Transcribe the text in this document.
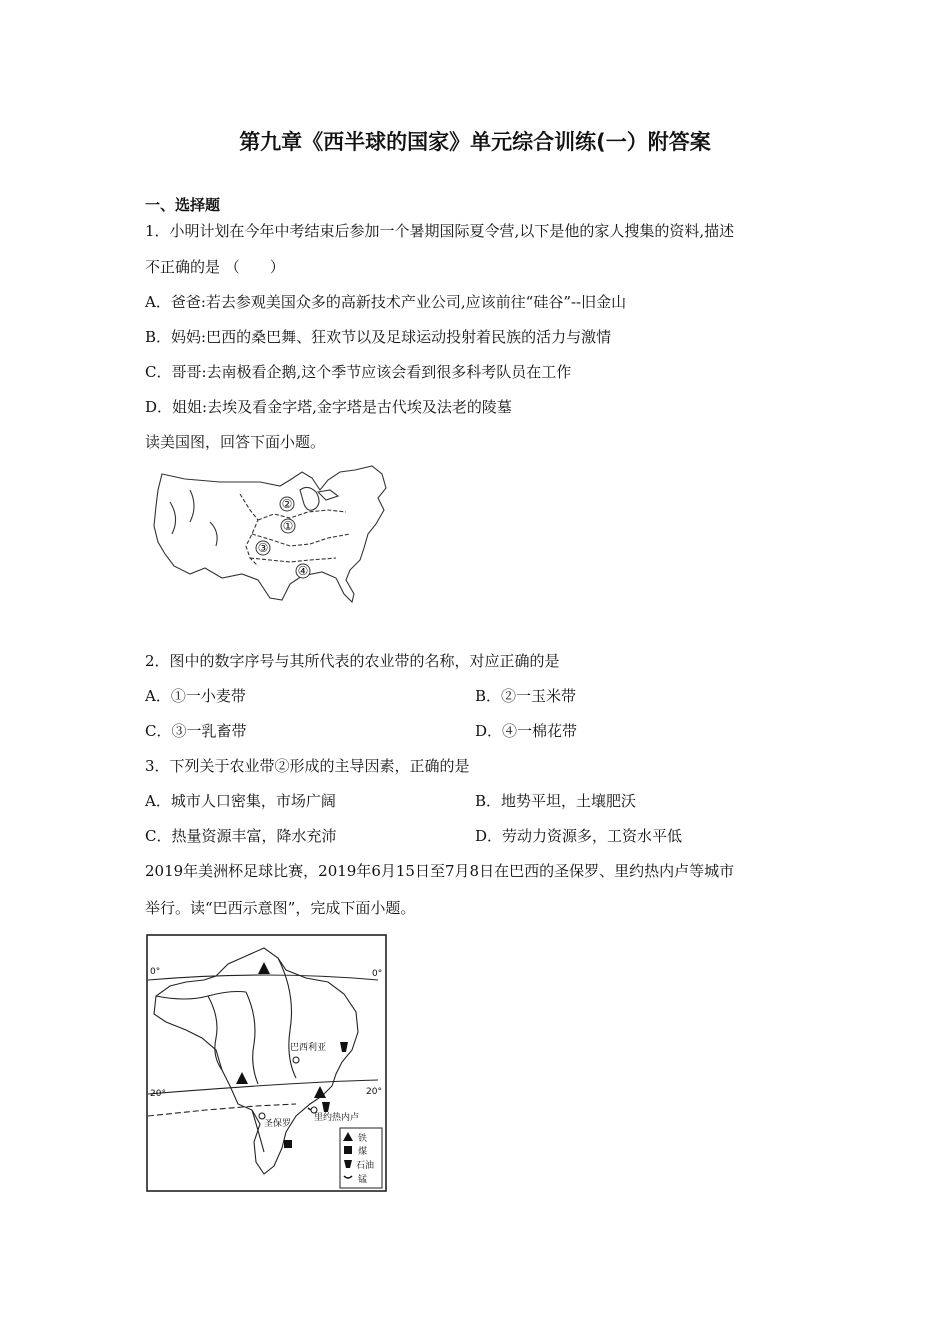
第九章《西半球的国家》单元综合训练(一）附答案
一、选择题
1．小明计划在今年中考结束后参加一个暑期国际夏令营,以下是他的家人搜集的资料,描述
不正确的是 （　　）
A．爸爸:若去参观美国众多的高新技术产业公司,应该前往“硅谷”--旧金山
B．妈妈:巴西的桑巴舞、狂欢节以及足球运动投射着民族的活力与激情
C．哥哥:去南极看企鹅,这个季节应该会看到很多科考队员在工作
D．姐姐:去埃及看金字塔,金字塔是古代埃及法老的陵墓
读美国图，回答下面小题。
②
①
③
④
2．图中的数字序号与其所代表的农业带的名称，对应正确的是
A．①一小麦带	B．②一玉米带
C．③一乳畜带	D．④一棉花带
3．下列关于农业带②形成的主导因素，正确的是
A．城市人口密集，市场广阔	B．地势平坦，土壤肥沃
C．热量资源丰富，降水充沛	D．劳动力资源多，工资水平低
2019年美洲杯足球比赛，2019年6月15日至7月8日在巴西的圣保罗、里约热内卢等城市
举行。读“巴西示意图”，完成下面小题。
0°	0°
20°	20°
巴西利亚
圣保罗
里约热内卢
铁
煤
石油
锰
